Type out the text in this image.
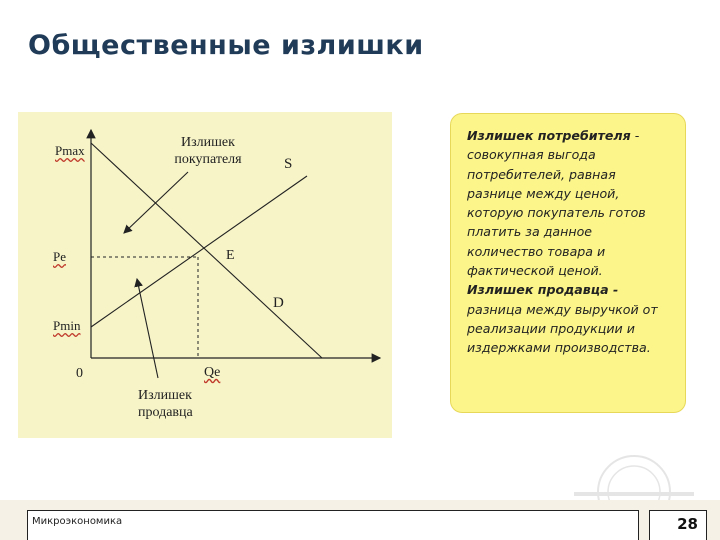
Общественные излишки
Pmax
Pe
Pmin
0	Qe
E
S
D
Излишек
покупателя
Излишек
продавца
Излишек потребителя - совокупная выгода потребителей, равная разнице между ценой, которую покупатель готов платить за данное количество товара и фактической ценой. Излишек продавца - разница между выручкой от реализации продукции и издержками производства.
Микроэкономика	28
